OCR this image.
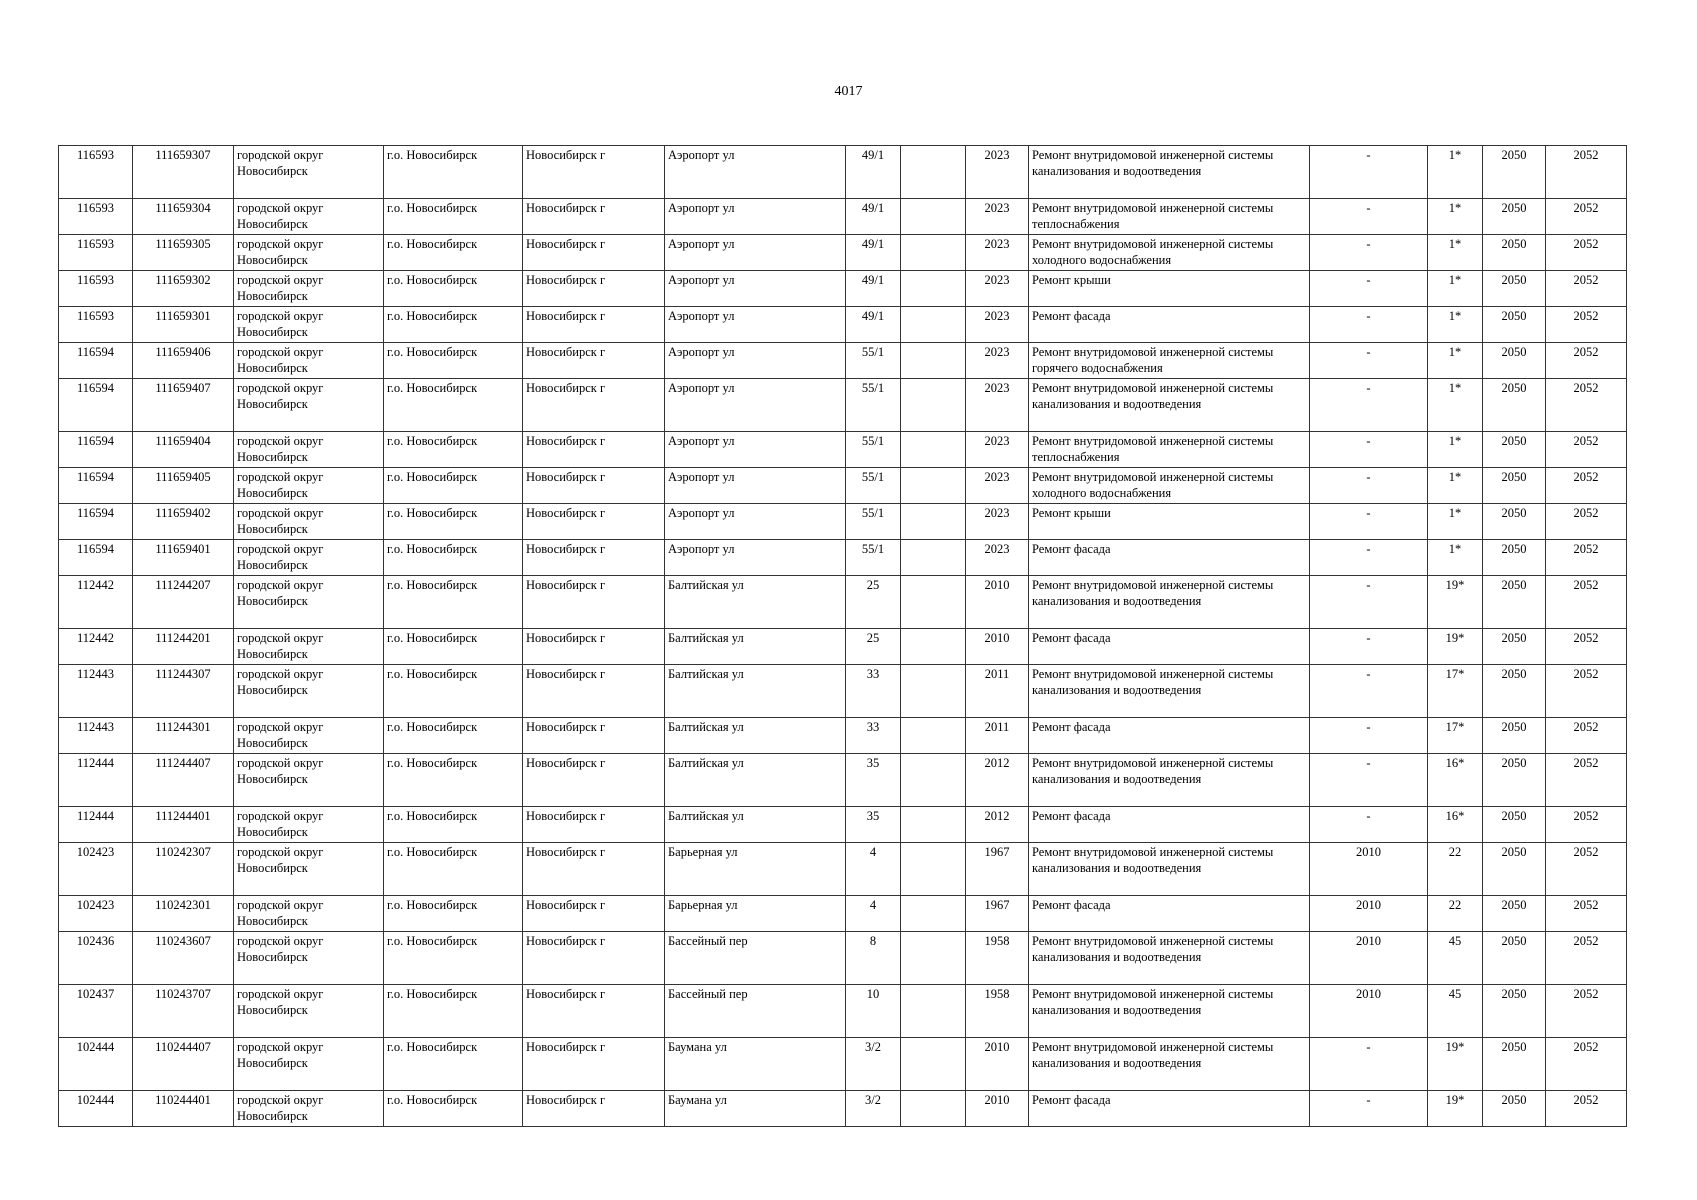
4017
116593	111659307	городской округ Новосибирск	г.о. Новосибирск	Новосибирск г	Аэропорт ул	49/1		2023	Ремонт внутридомовой инженерной системы канализования и водоотведения	-	1*	2050	2052
116593	111659304	городской округ Новосибирск	г.о. Новосибирск	Новосибирск г	Аэропорт ул	49/1		2023	Ремонт внутридомовой инженерной системы теплоснабжения	-	1*	2050	2052
116593	111659305	городской округ Новосибирск	г.о. Новосибирск	Новосибирск г	Аэропорт ул	49/1		2023	Ремонт внутридомовой инженерной системы холодного водоснабжения	-	1*	2050	2052
116593	111659302	городской округ Новосибирск	г.о. Новосибирск	Новосибирск г	Аэропорт ул	49/1		2023	Ремонт крыши	-	1*	2050	2052
116593	111659301	городской округ Новосибирск	г.о. Новосибирск	Новосибирск г	Аэропорт ул	49/1		2023	Ремонт фасада	-	1*	2050	2052
116594	111659406	городской округ Новосибирск	г.о. Новосибирск	Новосибирск г	Аэропорт ул	55/1		2023	Ремонт внутридомовой инженерной системы горячего водоснабжения	-	1*	2050	2052
116594	111659407	городской округ Новосибирск	г.о. Новосибирск	Новосибирск г	Аэропорт ул	55/1		2023	Ремонт внутридомовой инженерной системы канализования и водоотведения	-	1*	2050	2052
116594	111659404	городской округ Новосибирск	г.о. Новосибирск	Новосибирск г	Аэропорт ул	55/1		2023	Ремонт внутридомовой инженерной системы теплоснабжения	-	1*	2050	2052
116594	111659405	городской округ Новосибирск	г.о. Новосибирск	Новосибирск г	Аэропорт ул	55/1		2023	Ремонт внутридомовой инженерной системы холодного водоснабжения	-	1*	2050	2052
116594	111659402	городской округ Новосибирск	г.о. Новосибирск	Новосибирск г	Аэропорт ул	55/1		2023	Ремонт крыши	-	1*	2050	2052
116594	111659401	городской округ Новосибирск	г.о. Новосибирск	Новосибирск г	Аэропорт ул	55/1		2023	Ремонт фасада	-	1*	2050	2052
112442	111244207	городской округ Новосибирск	г.о. Новосибирск	Новосибирск г	Балтийская ул	25		2010	Ремонт внутридомовой инженерной системы канализования и водоотведения	-	19*	2050	2052
112442	111244201	городской округ Новосибирск	г.о. Новосибирск	Новосибирск г	Балтийская ул	25		2010	Ремонт фасада	-	19*	2050	2052
112443	111244307	городской округ Новосибирск	г.о. Новосибирск	Новосибирск г	Балтийская ул	33		2011	Ремонт внутридомовой инженерной системы канализования и водоотведения	-	17*	2050	2052
112443	111244301	городской округ Новосибирск	г.о. Новосибирск	Новосибирск г	Балтийская ул	33		2011	Ремонт фасада	-	17*	2050	2052
112444	111244407	городской округ Новосибирск	г.о. Новосибирск	Новосибирск г	Балтийская ул	35		2012	Ремонт внутридомовой инженерной системы канализования и водоотведения	-	16*	2050	2052
112444	111244401	городской округ Новосибирск	г.о. Новосибирск	Новосибирск г	Балтийская ул	35		2012	Ремонт фасада	-	16*	2050	2052
102423	110242307	городской округ Новосибирск	г.о. Новосибирск	Новосибирск г	Барьерная ул	4		1967	Ремонт внутридомовой инженерной системы канализования и водоотведения	2010	22	2050	2052
102423	110242301	городской округ Новосибирск	г.о. Новосибирск	Новосибирск г	Барьерная ул	4		1967	Ремонт фасада	2010	22	2050	2052
102436	110243607	городской округ Новосибирск	г.о. Новосибирск	Новосибирск г	Бассейный пер	8		1958	Ремонт внутридомовой инженерной системы канализования и водоотведения	2010	45	2050	2052
102437	110243707	городской округ Новосибирск	г.о. Новосибирск	Новосибирск г	Бассейный пер	10		1958	Ремонт внутридомовой инженерной системы канализования и водоотведения	2010	45	2050	2052
102444	110244407	городской округ Новосибирск	г.о. Новосибирск	Новосибирск г	Баумана ул	3/2		2010	Ремонт внутридомовой инженерной системы канализования и водоотведения	-	19*	2050	2052
102444	110244401	городской округ Новосибирск	г.о. Новосибирск	Новосибирск г	Баумана ул	3/2		2010	Ремонт фасада	-	19*	2050	2052
